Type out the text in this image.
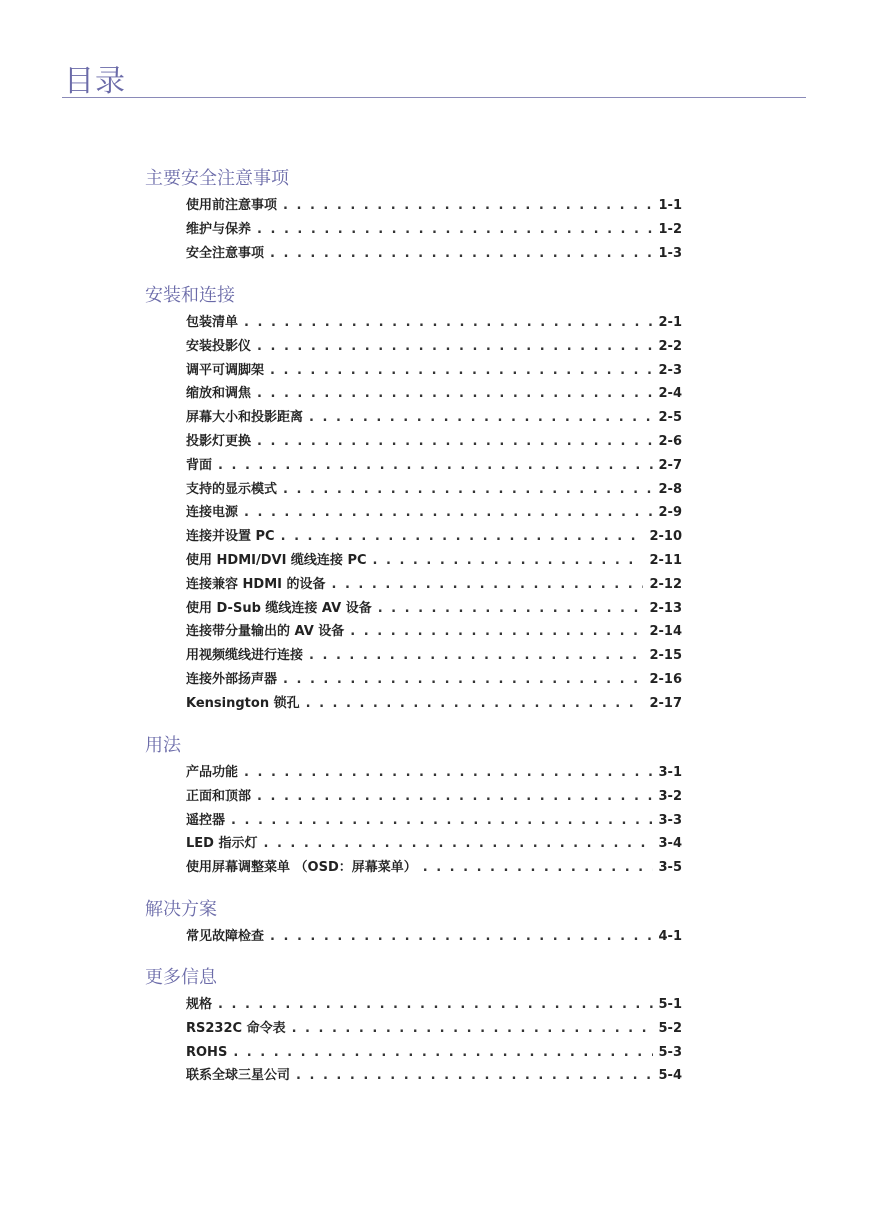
目录
主要安全注意事项
使用前注意事项 . . .	1-1
维护与保养 . . .	1-2
安全注意事项 . . .	1-3
安装和连接
包装清单 . . .	2-1
安装投影仪 . . .	2-2
调平可调脚架 . . .	2-3
缩放和调焦 . . .	2-4
屏幕大小和投影距离 . . .	2-5
投影灯更换 . . .	2-6
背面 . . .	2-7
支持的显示模式 . . .	2-8
连接电源 . . .	2-9
连接并设置 PC . . .	2-10
使用 HDMI/DVI 缆线连接 PC . . .	2-11
连接兼容 HDMI 的设备 . . .	2-12
使用 D-Sub 缆线连接 AV 设备 . . .	2-13
连接带分量输出的 AV 设备 . . .	2-14
用视频缆线进行连接 . . .	2-15
连接外部扬声器 . . .	2-16
Kensington 锁孔 . . .	2-17
用法
产品功能 . . .	3-1
正面和顶部 . . .	3-2
遥控器 . . .	3-3
LED 指示灯 . . .	3-4
使用屏幕调整菜单 （OSD：屏幕菜单） . . .	3-5
解决方案
常见故障检查 . . .	4-1
更多信息
规格 . . .	5-1
RS232C 命令表 . . .	5-2
ROHS . . .	5-3
联系全球三星公司 . . .	5-4
